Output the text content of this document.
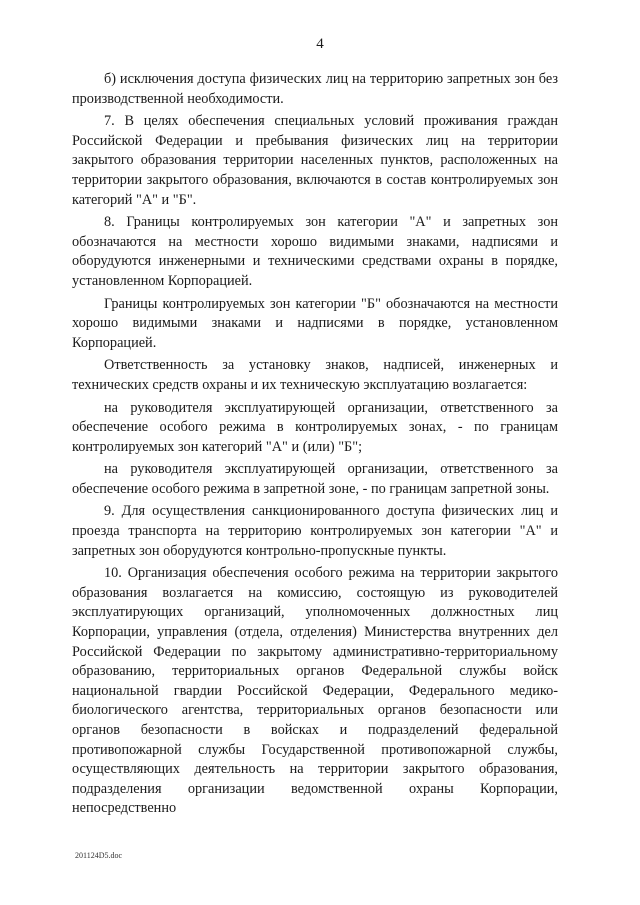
4

б) исключения доступа физических лиц на территорию запретных зон без производственной необходимости.

7. В целях обеспечения специальных условий проживания граждан Российской Федерации и пребывания физических лиц на территории закрытого образования территории населенных пунктов, расположенных на территории закрытого образования, включаются в состав контролируемых зон категорий "А" и "Б".

8. Границы контролируемых зон категории "А" и запретных зон обозначаются на местности хорошо видимыми знаками, надписями и оборудуются инженерными и техническими средствами охраны в порядке, установленном Корпорацией.

Границы контролируемых зон категории "Б" обозначаются на местности хорошо видимыми знаками и надписями в порядке, установленном Корпорацией.

Ответственность за установку знаков, надписей, инженерных и технических средств охраны и их техническую эксплуатацию возлагается:

на руководителя эксплуатирующей организации, ответственного за обеспечение особого режима в контролируемых зонах, - по границам контролируемых зон категорий "А" и (или) "Б";

на руководителя эксплуатирующей организации, ответственного за обеспечение особого режима в запретной зоне, - по границам запретной зоны.

9. Для осуществления санкционированного доступа физических лиц и проезда транспорта на территорию контролируемых зон категории "А" и запретных зон оборудуются контрольно-пропускные пункты.

10. Организация обеспечения особого режима на территории закрытого образования возлагается на комиссию, состоящую из руководителей эксплуатирующих организаций, уполномоченных должностных лиц Корпорации, управления (отдела, отделения) Министерства внутренних дел Российской Федерации по закрытому административно-территориальному образованию, территориальных органов Федеральной службы войск национальной гвардии Российской Федерации, Федерального медико-биологического агентства, территориальных органов безопасности или органов безопасности в войсках и подразделений федеральной противопожарной службы Государственной противопожарной службы, осуществляющих деятельность на территории закрытого образования, подразделения организации ведомственной охраны Корпорации, непосредственно

201124D5.doc
